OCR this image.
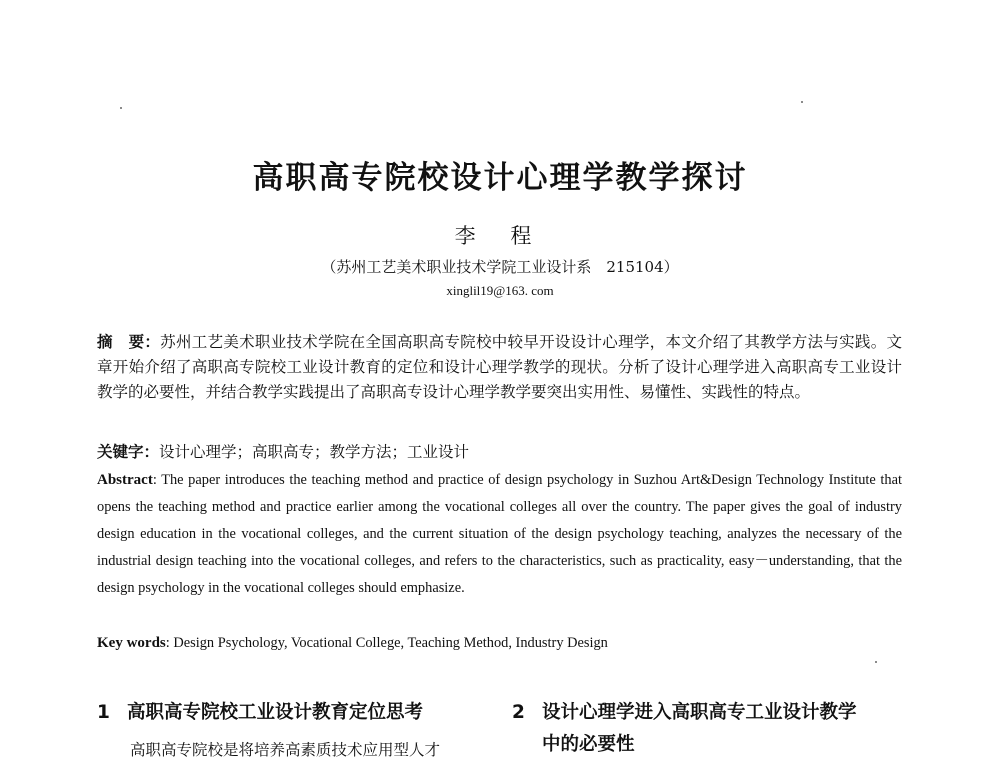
高职高专院校设计心理学教学探讨
李 程
（苏州工艺美术职业技术学院工业设计系　215104）
xinglil19@163. com
摘　要：苏州工艺美术职业技术学院在全国高职高专院校中较早开设设计心理学，本文介绍了其教学方法与实践。文章开始介绍了高职高专院校工业设计教育的定位和设计心理学教学的现状。分析了设计心理学进入高职高专工业设计教学的必要性，并结合教学实践提出了高职高专设计心理学教学要突出实用性、易懂性、实践性的特点。
关键字：设计心理学；高职高专；教学方法；工业设计
Abstract: The paper introduces the teaching method and practice of design psychology in Suzhou Art&Design Technology Institute that opens the teaching method and practice earlier among the vocational colleges all over the country. The paper gives the goal of industry design education in the vocational colleges, and the current situation of the design psychology teaching, analyzes the necessary of the industrial design teaching into the vocational colleges, and refers to the characteristics, such as practicality, easy－understanding, that the design psychology in the vocational colleges should emphasize.
Key words: Design Psychology, Vocational College, Teaching Method, Industry Design
1 高职高专院校工业设计教育定位思考	2 设计心理学进入高职高专工业设计教学
中的必要性
高职高专院校是将培养高素质技术应用型人才
